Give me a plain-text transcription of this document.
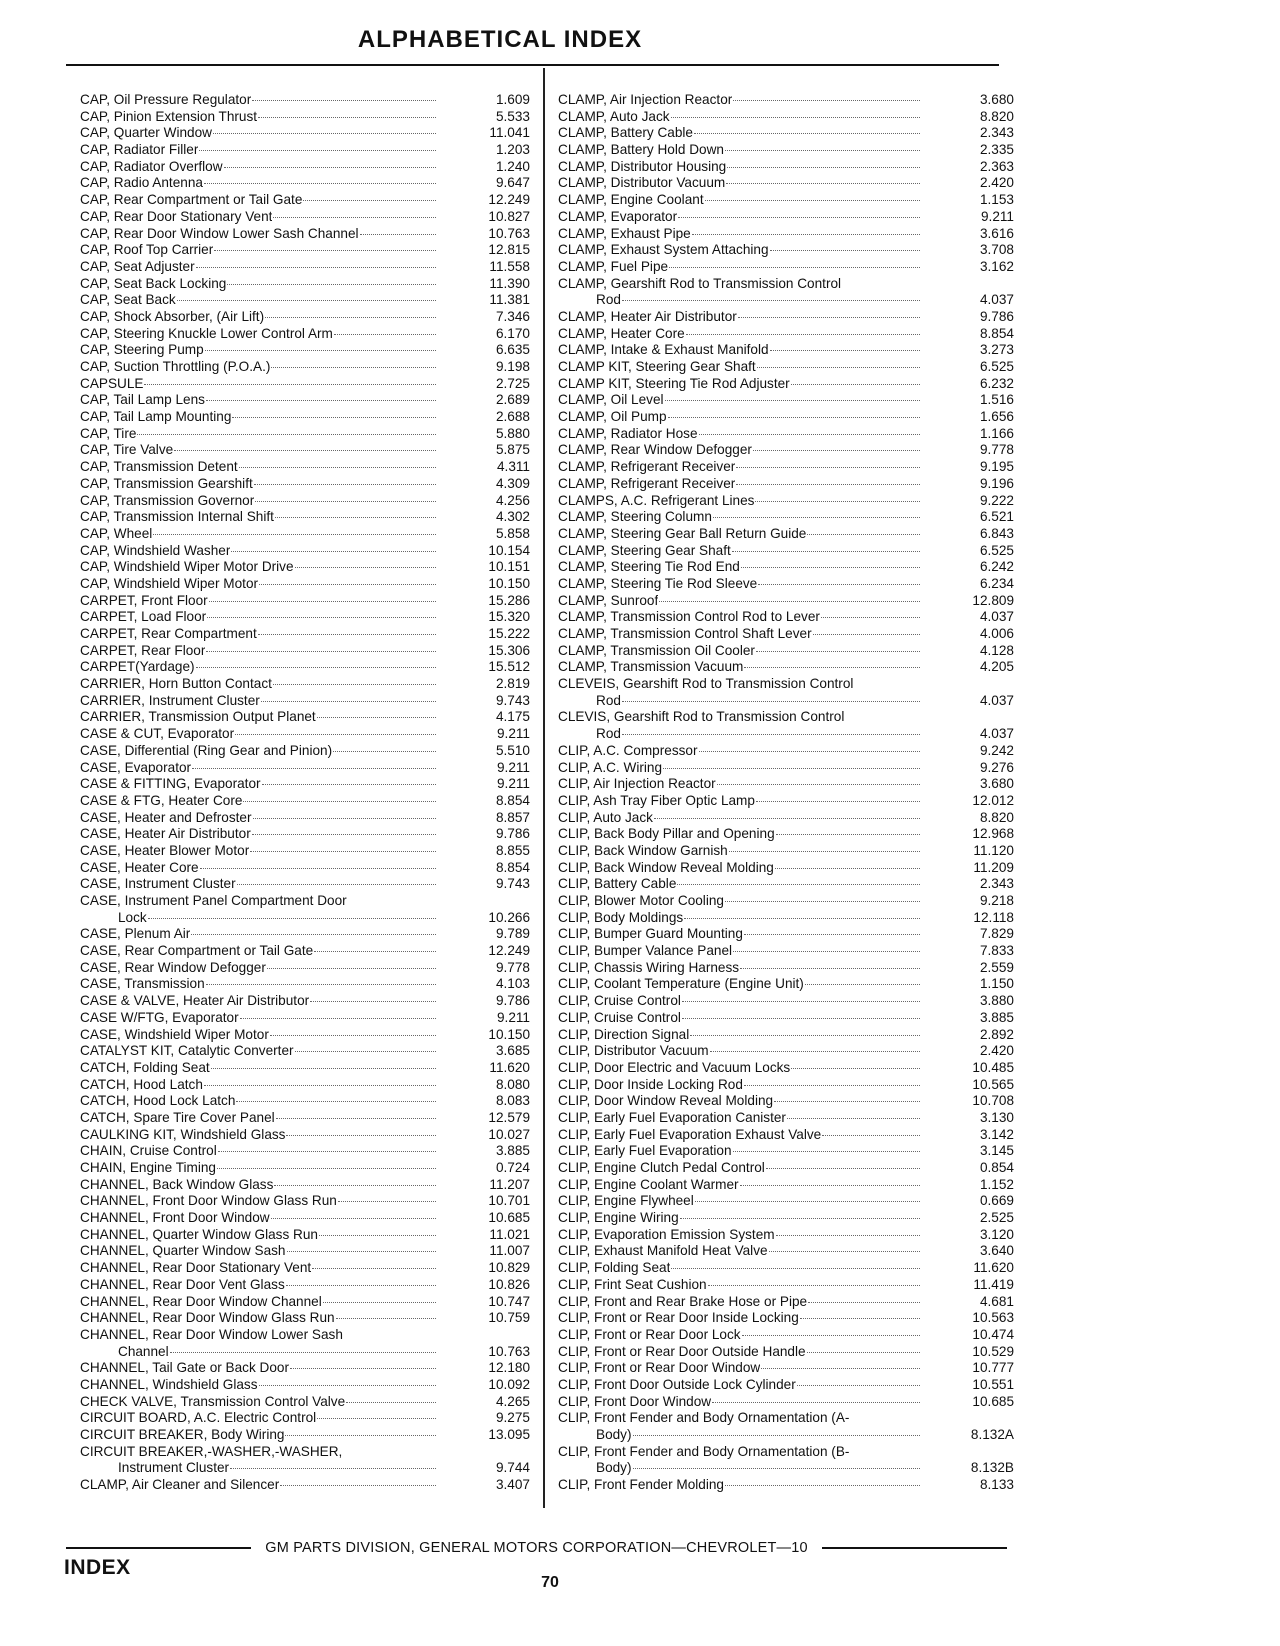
ALPHABETICAL INDEX
CAP, Oil Pressure Regulator	1.609
CAP, Pinion Extension Thrust	5.533
CAP, Quarter Window	11.041
CAP, Radiator Filler	1.203
CAP, Radiator Overflow	1.240
CAP, Radio Antenna	9.647
CAP, Rear Compartment or Tail Gate	12.249
CAP, Rear Door Stationary Vent	10.827
CAP, Rear Door Window Lower Sash Channel	10.763
CAP, Roof Top Carrier	12.815
CAP, Seat Adjuster	11.558
CAP, Seat Back Locking	11.390
CAP, Seat Back	11.381
CAP, Shock Absorber, (Air Lift)	7.346
CAP, Steering Knuckle Lower Control Arm	6.170
CAP, Steering Pump	6.635
CAP, Suction Throttling (P.O.A.)	9.198
CAPSULE	2.725
CAP, Tail Lamp Lens	2.689
CAP, Tail Lamp Mounting	2.688
CAP, Tire	5.880
CAP, Tire Valve	5.875
CAP, Transmission Detent	4.311
CAP, Transmission Gearshift	4.309
CAP, Transmission Governor	4.256
CAP, Transmission Internal Shift	4.302
CAP, Wheel	5.858
CAP, Windshield Washer	10.154
CAP, Windshield Wiper Motor Drive	10.151
CAP, Windshield Wiper Motor	10.150
CARPET, Front Floor	15.286
CARPET, Load Floor	15.320
CARPET, Rear Compartment	15.222
CARPET, Rear Floor	15.306
CARPET(Yardage)	15.512
CARRIER, Horn Button Contact	2.819
CARRIER, Instrument Cluster	9.743
CARRIER, Transmission Output Planet	4.175
CASE & CUT, Evaporator	9.211
CASE, Differential (Ring Gear and Pinion)	5.510
CASE, Evaporator	9.211
CASE & FITTING, Evaporator	9.211
CASE & FTG, Heater Core	8.854
CASE, Heater and Defroster	8.857
CASE, Heater Air Distributor	9.786
CASE, Heater Blower Motor	8.855
CASE, Heater Core	8.854
CASE, Instrument Cluster	9.743
CASE, Instrument Panel Compartment Door
Lock	10.266
CASE, Plenum Air	9.789
CASE, Rear Compartment or Tail Gate	12.249
CASE, Rear Window Defogger	9.778
CASE, Transmission	4.103
CASE & VALVE, Heater Air Distributor	9.786
CASE W/FTG, Evaporator	9.211
CASE, Windshield Wiper Motor	10.150
CATALYST KIT, Catalytic Converter	3.685
CATCH, Folding Seat	11.620
CATCH, Hood Latch	8.080
CATCH, Hood Lock Latch	8.083
CATCH, Spare Tire Cover Panel	12.579
CAULKING KIT, Windshield Glass	10.027
CHAIN, Cruise Control	3.885
CHAIN, Engine Timing	0.724
CHANNEL, Back Window Glass	11.207
CHANNEL, Front Door Window Glass Run	10.701
CHANNEL, Front Door Window	10.685
CHANNEL, Quarter Window Glass Run	11.021
CHANNEL, Quarter Window Sash	11.007
CHANNEL, Rear Door Stationary Vent	10.829
CHANNEL, Rear Door Vent Glass	10.826
CHANNEL, Rear Door Window Channel	10.747
CHANNEL, Rear Door Window Glass Run	10.759
CHANNEL, Rear Door Window Lower Sash
Channel	10.763
CHANNEL, Tail Gate or Back Door	12.180
CHANNEL, Windshield Glass	10.092
CHECK VALVE, Transmission Control Valve	4.265
CIRCUIT BOARD, A.C. Electric Control	9.275
CIRCUIT BREAKER, Body Wiring	13.095
CIRCUIT BREAKER,-WASHER,-WASHER,
Instrument Cluster	9.744
CLAMP, Air Cleaner and Silencer	3.407
CLAMP, Air Injection Reactor	3.680
CLAMP, Auto Jack	8.820
CLAMP, Battery Cable	2.343
CLAMP, Battery Hold Down	2.335
CLAMP, Distributor Housing	2.363
CLAMP, Distributor Vacuum	2.420
CLAMP, Engine Coolant	1.153
CLAMP, Evaporator	9.211
CLAMP, Exhaust Pipe	3.616
CLAMP, Exhaust System Attaching	3.708
CLAMP, Fuel Pipe	3.162
CLAMP, Gearshift Rod to Transmission Control
Rod	4.037
CLAMP, Heater Air Distributor	9.786
CLAMP, Heater Core	8.854
CLAMP, Intake & Exhaust Manifold	3.273
CLAMP KIT, Steering Gear Shaft	6.525
CLAMP KIT, Steering Tie Rod Adjuster	6.232
CLAMP, Oil Level	1.516
CLAMP, Oil Pump	1.656
CLAMP, Radiator Hose	1.166
CLAMP, Rear Window Defogger	9.778
CLAMP, Refrigerant Receiver	9.195
CLAMP, Refrigerant Receiver	9.196
CLAMPS, A.C. Refrigerant Lines	9.222
CLAMP, Steering Column	6.521
CLAMP, Steering Gear Ball Return Guide	6.843
CLAMP, Steering Gear Shaft	6.525
CLAMP, Steering Tie Rod End	6.242
CLAMP, Steering Tie Rod Sleeve	6.234
CLAMP, Sunroof	12.809
CLAMP, Transmission Control Rod to Lever	4.037
CLAMP, Transmission Control Shaft Lever	4.006
CLAMP, Transmission Oil Cooler	4.128
CLAMP, Transmission Vacuum	4.205
CLEVEIS, Gearshift Rod to Transmission Control
Rod	4.037
CLEVIS, Gearshift Rod to Transmission Control
Rod	4.037
CLIP, A.C. Compressor	9.242
CLIP, A.C. Wiring	9.276
CLIP, Air Injection Reactor	3.680
CLIP, Ash Tray Fiber Optic Lamp	12.012
CLIP, Auto Jack	8.820
CLIP, Back Body Pillar and Opening	12.968
CLIP, Back Window Garnish	11.120
CLIP, Back Window Reveal Molding	11.209
CLIP, Battery Cable	2.343
CLIP, Blower Motor Cooling	9.218
CLIP, Body Moldings	12.118
CLIP, Bumper Guard Mounting	7.829
CLIP, Bumper Valance Panel	7.833
CLIP, Chassis Wiring Harness	2.559
CLIP, Coolant Temperature (Engine Unit)	1.150
CLIP, Cruise Control	3.880
CLIP, Cruise Control	3.885
CLIP, Direction Signal	2.892
CLIP, Distributor Vacuum	2.420
CLIP, Door Electric and Vacuum Locks	10.485
CLIP, Door Inside Locking Rod	10.565
CLIP, Door Window Reveal Molding	10.708
CLIP, Early Fuel Evaporation Canister	3.130
CLIP, Early Fuel Evaporation Exhaust Valve	3.142
CLIP, Early Fuel Evaporation	3.145
CLIP, Engine Clutch Pedal Control	0.854
CLIP, Engine Coolant Warmer	1.152
CLIP, Engine Flywheel	0.669
CLIP, Engine Wiring	2.525
CLIP, Evaporation Emission System	3.120
CLIP, Exhaust Manifold Heat Valve	3.640
CLIP, Folding Seat	11.620
CLIP, Frint Seat Cushion	11.419
CLIP, Front and Rear Brake Hose or Pipe	4.681
CLIP, Front or Rear Door Inside Locking	10.563
CLIP, Front or Rear Door Lock	10.474
CLIP, Front or Rear Door Outside Handle	10.529
CLIP, Front or Rear Door Window	10.777
CLIP, Front Door Outside Lock Cylinder	10.551
CLIP, Front Door Window	10.685
CLIP, Front Fender and Body Ornamentation (A-
Body)	8.132A
CLIP, Front Fender and Body Ornamentation (B-
Body)	8.132B
CLIP, Front Fender Molding	8.133
GM PARTS DIVISION, GENERAL MOTORS CORPORATION—CHEVROLET—10
INDEX
70
